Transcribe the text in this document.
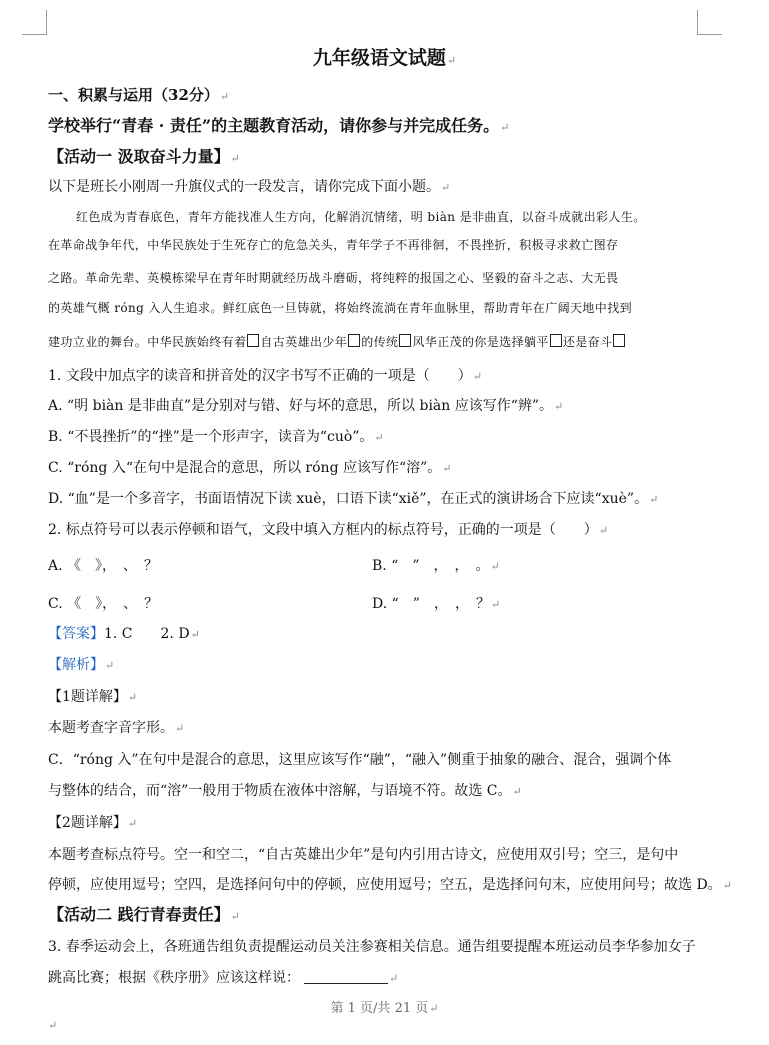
九年级语文试题↵
一、积累与运用（32分）↵
学校举行“青春 · 责任”的主题教育活动，请你参与并完成任务。↵
【活动一 汲取奋斗力量】↵
以下是班长小刚周一升旗仪式的一段发言，请你完成下面小题。↵
红色成为青春底色，青年方能找准人生方向，化解消沉情绪，明 biàn 是非曲直，以奋斗成就出彩人生。
在革命战争年代，中华民族处于生死存亡的危急关头，青年学子不再徘徊，不畏挫折，积极寻求救亡图存
之路。革命先辈、英模栋梁早在青年时期就经历战斗磨砺，将纯粹的报国之心、坚毅的奋斗之志、大无畏
的英雄气概 róng 入人生追求。鲜红底色一旦铸就，将始终流淌在青年血脉里，帮助青年在广阔天地中找到
建功立业的舞台。中华民族始终有着 自古英雄出少年 的传统 风华正茂的你是选择躺平 还是奋斗
1. 文段中加点字的读音和拼音处的汉字书写不正确的一项是（　　）↵
A. “明 biàn 是非曲直”是分别对与错、好与坏的意思，所以 biàn 应该写作“辨”。↵
B. “不畏挫折”的“挫”是一个形声字，读音为“cuò”。↵
C. “róng 入“在句中是混合的意思，所以 róng 应该写作“溶”。↵
D. “血”是一个多音字，书面语情况下读 xuè，口语下读“xiě”，在正式的演讲场合下应读“xuè”。↵
2. 标点符号可以表示停顿和语气，文段中填入方框内的标点符号，正确的一项是（　　）↵
A. 《　》，　、　？	B. “　”　，　，　。↵
C. 《　》，　、　？	D. “　”　，　，　？↵
【答案】1. C　　2. D↵
【解析】↵
【1题详解】↵
本题考查字音字形。↵
C．“róng 入”在句中是混合的意思，这里应该写作“融”，“融入”侧重于抽象的融合、混合，强调个体
与整体的结合，而“溶”一般用于物质在液体中溶解，与语境不符。故选 C。↵
【2题详解】↵
本题考查标点符号。空一和空二，“自古英雄出少年”是句内引用古诗文，应使用双引号；空三，是句中
停顿，应使用逗号；空四，是选择问句中的停顿，应使用逗号；空五，是选择问句末，应使用问号；故选 D。↵
【活动二 践行青春责任】↵
3. 春季运动会上，各班通告组负责提醒运动员关注参赛相关信息。通告组要提醒本班运动员李华参加女子
跳高比赛；根据《秩序册》应该这样说：	↵
第 1 页/共 21 页↵
↵
